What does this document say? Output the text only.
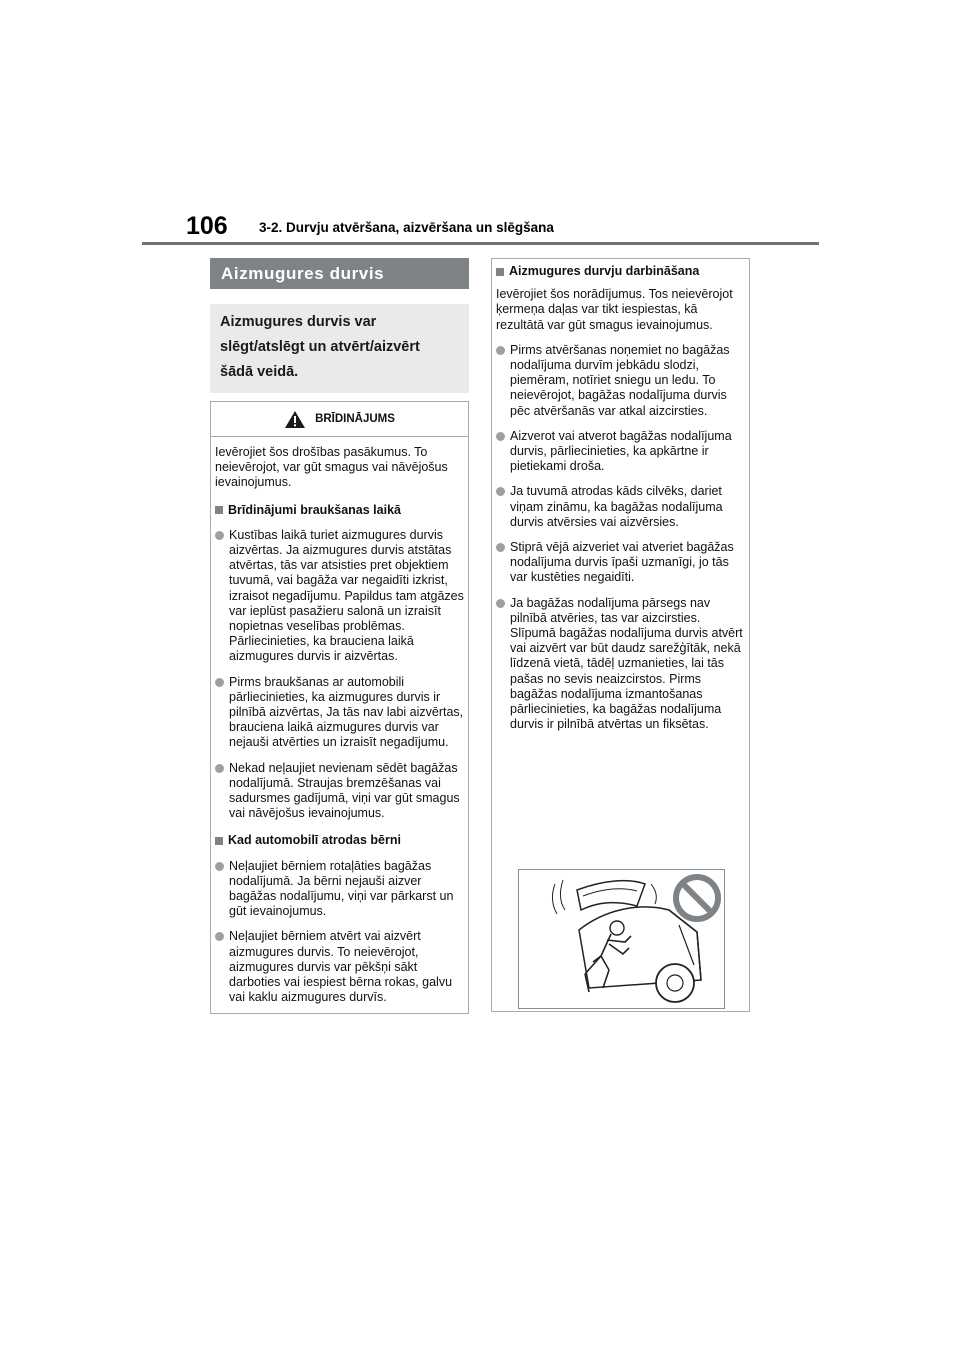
106 3-2. Durvju atvēršana, aizvēršana un slēgšana
Aizmugures durvis
Aizmugures durvis var
slēgt/atslēgt un atvērt/aizvērt
šādā veidā.
BRĪDINĀJUMS
Ievērojiet šos drošības pasākumus. To neievērojot, var gūt smagus vai nāvējošus ievainojumus.
Brīdinājumi braukšanas laikā
Kustības laikā turiet aizmugures durvis aizvērtas. Ja aizmugures durvis atstātas atvērtas, tās var atsisties pret objektiem tuvumā, vai bagāža var negaidīti izkrist, izraisot negadījumu. Papildus tam atgāzes var ieplūst pasažieru salonā un izraisīt nopietnas veselības problēmas. Pārliecinieties, ka brauciena laikā aizmugures durvis ir aizvērtas.
Pirms braukšanas ar automobili pārliecinieties, ka aizmugures durvis ir pilnībā aizvērtas, Ja tās nav labi aizvērtas, brauciena laikā aizmugures durvis var nejauši atvērties un izraisīt negadījumu.
Nekad neļaujiet nevienam sēdēt bagāžas nodalījumā. Straujas bremzēšanas vai sadursmes gadījumā, viņi var gūt smagus vai nāvējošus ievainojumus.
Kad automobilī atrodas bērni
Neļaujiet bērniem rotaļāties bagāžas nodalījumā. Ja bērni nejauši aizver bagāžas nodalījumu, viņi var pārkarst un gūt ievainojumus.
Neļaujiet bērniem atvērt vai aizvērt aizmugures durvis. To neievērojot, aizmugures durvis var pēkšņi sākt darboties vai iespiest bērna rokas, galvu vai kaklu aizmugures durvīs.
Aizmugures durvju darbināšana
Ievērojiet šos norādījumus. Tos neievērojot ķermeņa daļas var tikt iespiestas, kā rezultātā var gūt smagus ievainojumus.
Pirms atvēršanas noņemiet no bagāžas nodalījuma durvīm jebkādu slodzi, piemēram, notīriet sniegu un ledu. To neievērojot, bagāžas nodalījuma durvis pēc atvēršanās var atkal aizcirsties.
Aizverot vai atverot bagāžas nodalījuma durvis, pārliecinieties, ka apkārtne ir pietiekami droša.
Ja tuvumā atrodas kāds cilvēks, dariet viņam zināmu, ka bagāžas nodalījuma durvis atvērsies vai aizvērsies.
Stiprā vējā aizveriet vai atveriet bagāžas nodalījuma durvis īpaši uzmanīgi, jo tās var kustēties negaidīti.
Ja bagāžas nodalījuma pārsegs nav pilnībā atvēries, tas var aizcirsties. Slīpumā bagāžas nodalījuma durvis atvērt vai aizvērt var būt daudz sarežģītāk, nekā līdzenā vietā, tādēļ uzmanieties, lai tās pašas no sevis neaizcirstos. Pirms bagāžas nodalījuma izmantošanas pārliecinieties, ka bagāžas nodalījuma durvis ir pilnībā atvērtas un fiksētas.
